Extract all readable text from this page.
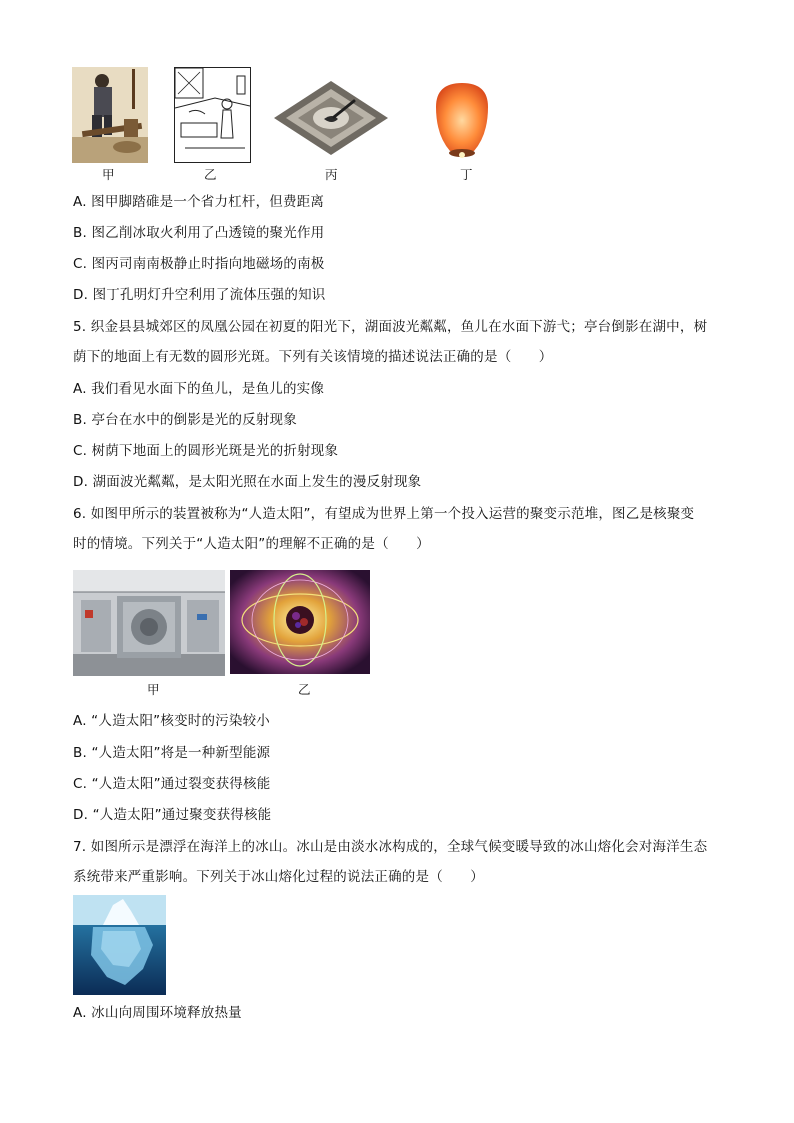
甲	乙	丙	丁
A. 图甲脚踏碓是一个省力杠杆，但费距离
B. 图乙削冰取火利用了凸透镜的聚光作用
C. 图丙司南南极静止时指向地磁场的南极
D. 图丁孔明灯升空利用了流体压强的知识
5. 织金县县城郊区的凤凰公园在初夏的阳光下，湖面波光粼粼，鱼儿在水面下游弋；亭台倒影在湖中，树
荫下的地面上有无数的圆形光斑。下列有关该情境的描述说法正确的是（　　）
A. 我们看见水面下的鱼儿，是鱼儿的实像
B. 亭台在水中的倒影是光的反射现象
C. 树荫下地面上的圆形光斑是光的折射现象
D. 湖面波光粼粼，是太阳光照在水面上发生的漫反射现象
6. 如图甲所示的装置被称为“人造太阳”，有望成为世界上第一个投入运营的聚变示范堆，图乙是核聚变
时的情境。下列关于“人造太阳”的理解不正确的是（　　）
甲	乙
A. “人造太阳”核变时的污染较小
B. “人造太阳”将是一种新型能源
C. “人造太阳”通过裂变获得核能
D. “人造太阳”通过聚变获得核能
7. 如图所示是漂浮在海洋上的冰山。冰山是由淡水冰构成的，全球气候变暖导致的冰山熔化会对海洋生态
系统带来严重影响。下列关于冰山熔化过程的说法正确的是（　　）
A. 冰山向周围环境释放热量
